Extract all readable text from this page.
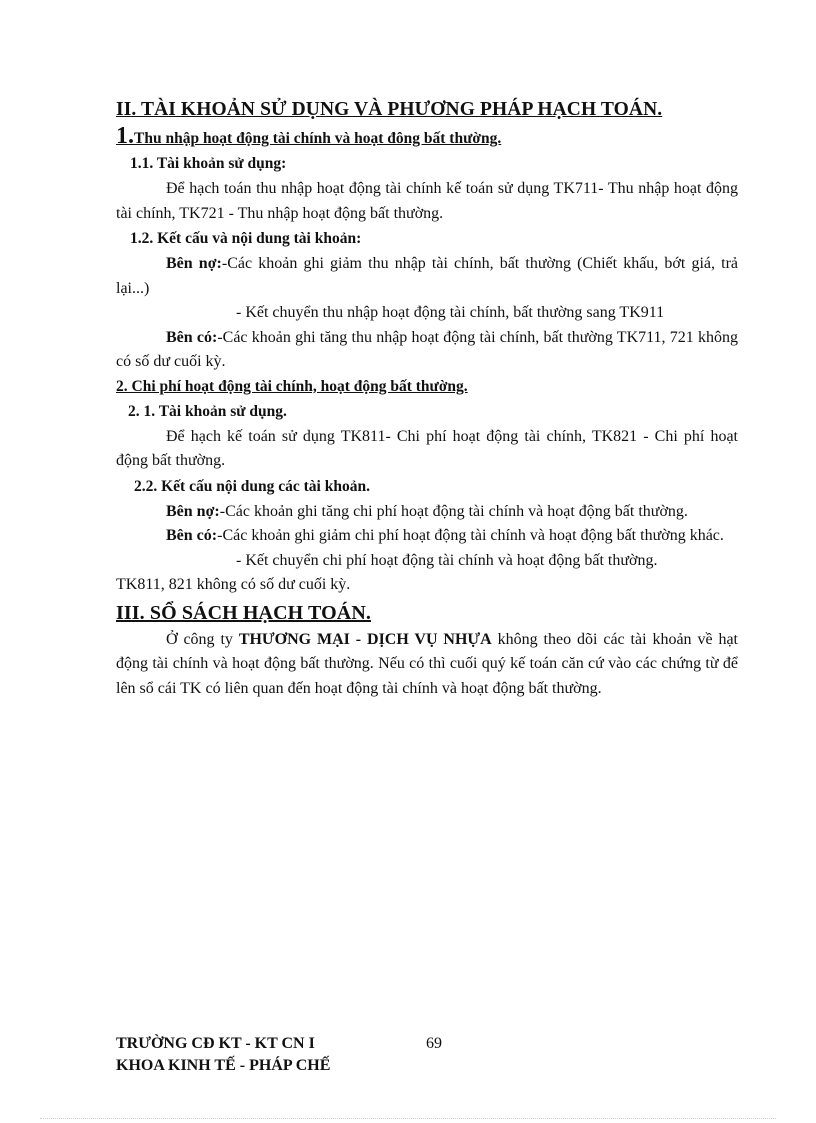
II. TÀI KHOẢN SỬ DỤNG VÀ PHƯƠNG PHÁP HẠCH TOÁN.

1.Thu nhập hoạt động tài chính và hoạt đông bất thường.

1.1. Tài khoản sử dụng:

Để hạch toán thu nhập hoạt động tài chính kế toán sử dụng TK711- Thu nhập hoạt động tài chính, TK721 - Thu nhập hoạt động bất thường.

1.2. Kết cấu và nội dung tài khoản:

Bên nợ:-Các khoản ghi giảm thu nhập tài chính, bất thường (Chiết khấu, bớt giá, trả lại...)

- Kết chuyển thu nhập hoạt động tài chính, bất thường sang TK911

Bên có:-Các khoản ghi tăng thu nhập hoạt động tài chính, bất thường TK711, 721 không có số dư cuối kỳ.

2. Chi phí hoạt động tài chính, hoạt động bất thường.

2. 1. Tài khoản sử dụng.

Để hạch kế toán sử dụng TK811- Chi phí hoạt động tài chính, TK821 - Chi phí hoạt động bất thường.

2.2. Kết cấu nội dung các tài khoản.

Bên nợ:-Các khoản ghi tăng chi phí hoạt động tài chính và hoạt động bất thường.

Bên có:-Các khoản ghi giảm chi phí hoạt động tài chính và hoạt động bất thường khác.

- Kết chuyển chi phí hoạt động tài chính và hoạt động bất thường.

TK811, 821 không có số dư cuối kỳ.

III. SỔ SÁCH HẠCH TOÁN.

Ở công ty THƯƠNG MẠI - DỊCH VỤ NHỰA không theo dõi các tài khoản về hạt động tài chính và hoạt động bất thường. Nếu có thì cuối quý kế toán căn cứ vào các chứng từ để lên sổ cái TK có liên quan đến hoạt động tài chính và hoạt động bất thường.

TRƯỜNG CĐ KT - KT CN I
KHOA KINH TẾ - PHÁP CHẾ
69
